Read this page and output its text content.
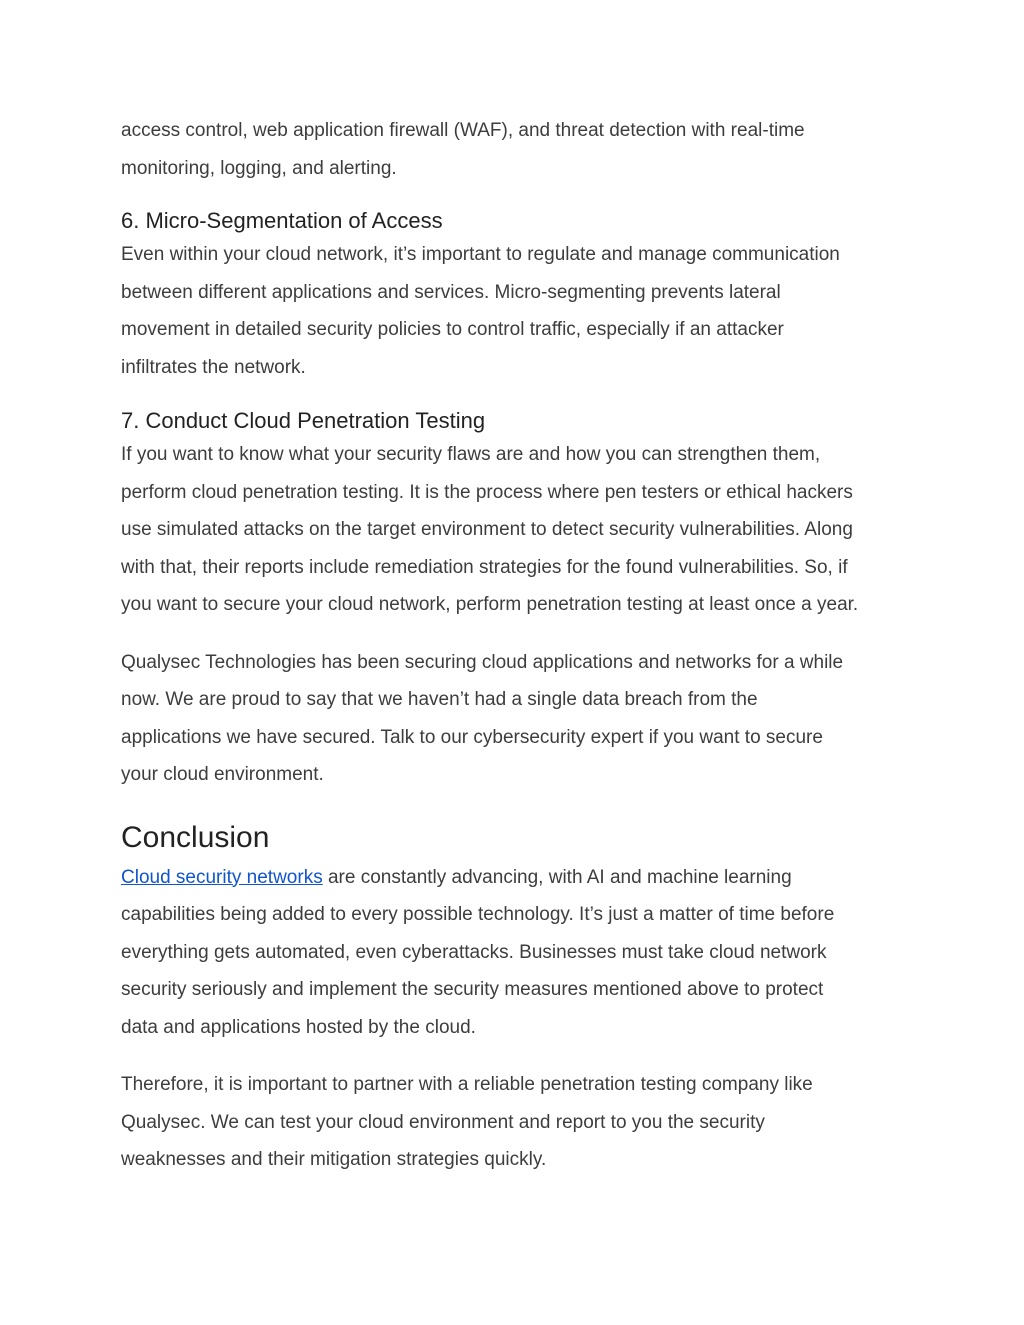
access control, web application firewall (WAF), and threat detection with real-time
monitoring, logging, and alerting.

6. Micro-Segmentation of Access

Even within your cloud network, it’s important to regulate and manage communication
between different applications and services. Micro-segmenting prevents lateral
movement in detailed security policies to control traffic, especially if an attacker
infiltrates the network.

7. Conduct Cloud Penetration Testing

If you want to know what your security flaws are and how you can strengthen them,
perform cloud penetration testing. It is the process where pen testers or ethical hackers
use simulated attacks on the target environment to detect security vulnerabilities. Along
with that, their reports include remediation strategies for the found vulnerabilities. So, if
you want to secure your cloud network, perform penetration testing at least once a year.

Qualysec Technologies has been securing cloud applications and networks for a while
now. We are proud to say that we haven’t had a single data breach from the
applications we have secured. Talk to our cybersecurity expert if you want to secure
your cloud environment.

Conclusion

Cloud security networks are constantly advancing, with AI and machine learning
capabilities being added to every possible technology. It’s just a matter of time before
everything gets automated, even cyberattacks. Businesses must take cloud network
security seriously and implement the security measures mentioned above to protect
data and applications hosted by the cloud.

Therefore, it is important to partner with a reliable penetration testing company like
Qualysec. We can test your cloud environment and report to you the security
weaknesses and their mitigation strategies quickly.
